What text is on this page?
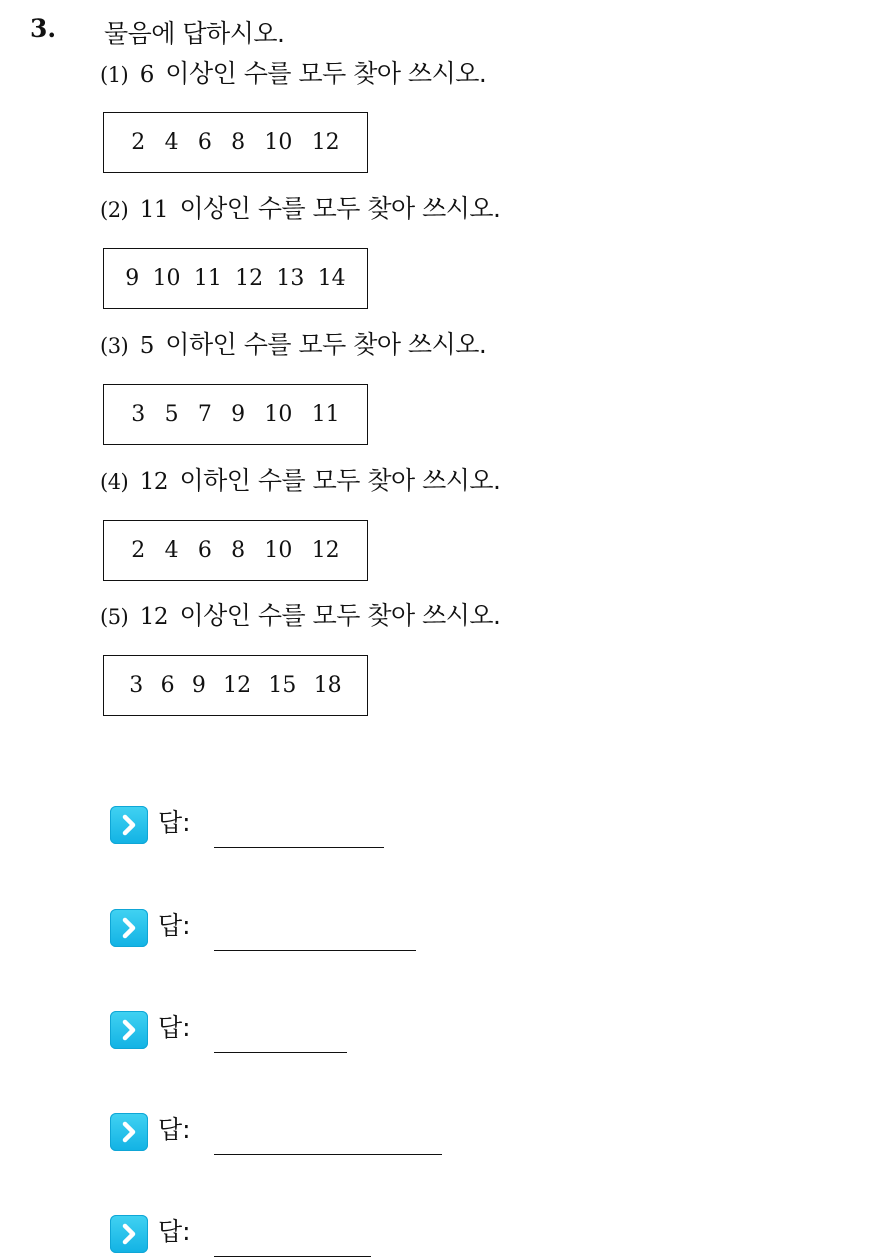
3. 물음에 답하시오.
(1) 6 이상인 수를 모두 찾아 쓰시오.
2 4 6 8 10 12
(2) 11 이상인 수를 모두 찾아 쓰시오.
9 10 11 12 13 14
(3) 5 이하인 수를 모두 찾아 쓰시오.
3 5 7 9 10 11
(4) 12 이하인 수를 모두 찾아 쓰시오.
2 4 6 8 10 12
(5) 12 이상인 수를 모두 찾아 쓰시오.
3 6 9 12 15 18
답:
답:
답:
답:
답:
